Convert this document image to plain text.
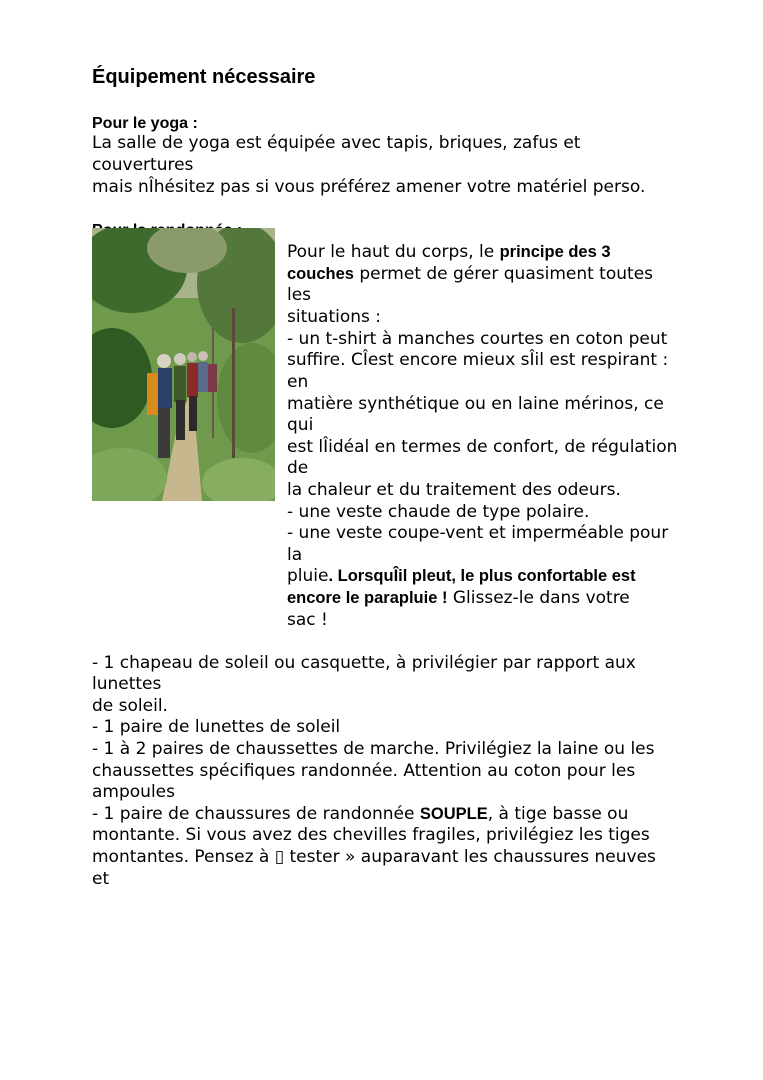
Équipement nécessaire
Pour le yoga :
La salle de yoga est équipée avec tapis, briques, zafus et
couvertures
mais nÎhésitez pas si vous préférez amener votre matériel perso.
Pour le haut du corps, le principe des 3
couches permet de gérer quasiment toutes
les
situations :
- un t-shirt à manches courtes en coton peut
suffire. CÎest encore mieux sÎil est respirant :
en
matière synthétique ou en laine mérinos, ce
qui
est lÎidéal en termes de confort, de régulation
de
la chaleur et du traitement des odeurs.
- une veste chaude de type polaire.
- une veste coupe-vent et imperméable pour
la
pluie. LorsquÎil pleut, le plus confortable est
encore le parapluie ! Glissez-le dans votre
sac !
- 1 chapeau de soleil ou casquette, à privilégier par rapport aux
lunettes
de soleil.
- 1 paire de lunettes de soleil
- 1 à 2 paires de chaussettes de marche. Privilégiez la laine ou les
chaussettes spécifiques randonnée. Attention au coton pour les
ampoules
- 1 paire de chaussures de randonnée SOUPLE, à tige basse ou
montante. Si vous avez des chevilles fragiles, privilégiez les tiges
montantes. Pensez à ▯ tester » auparavant les chaussures neuves
et
